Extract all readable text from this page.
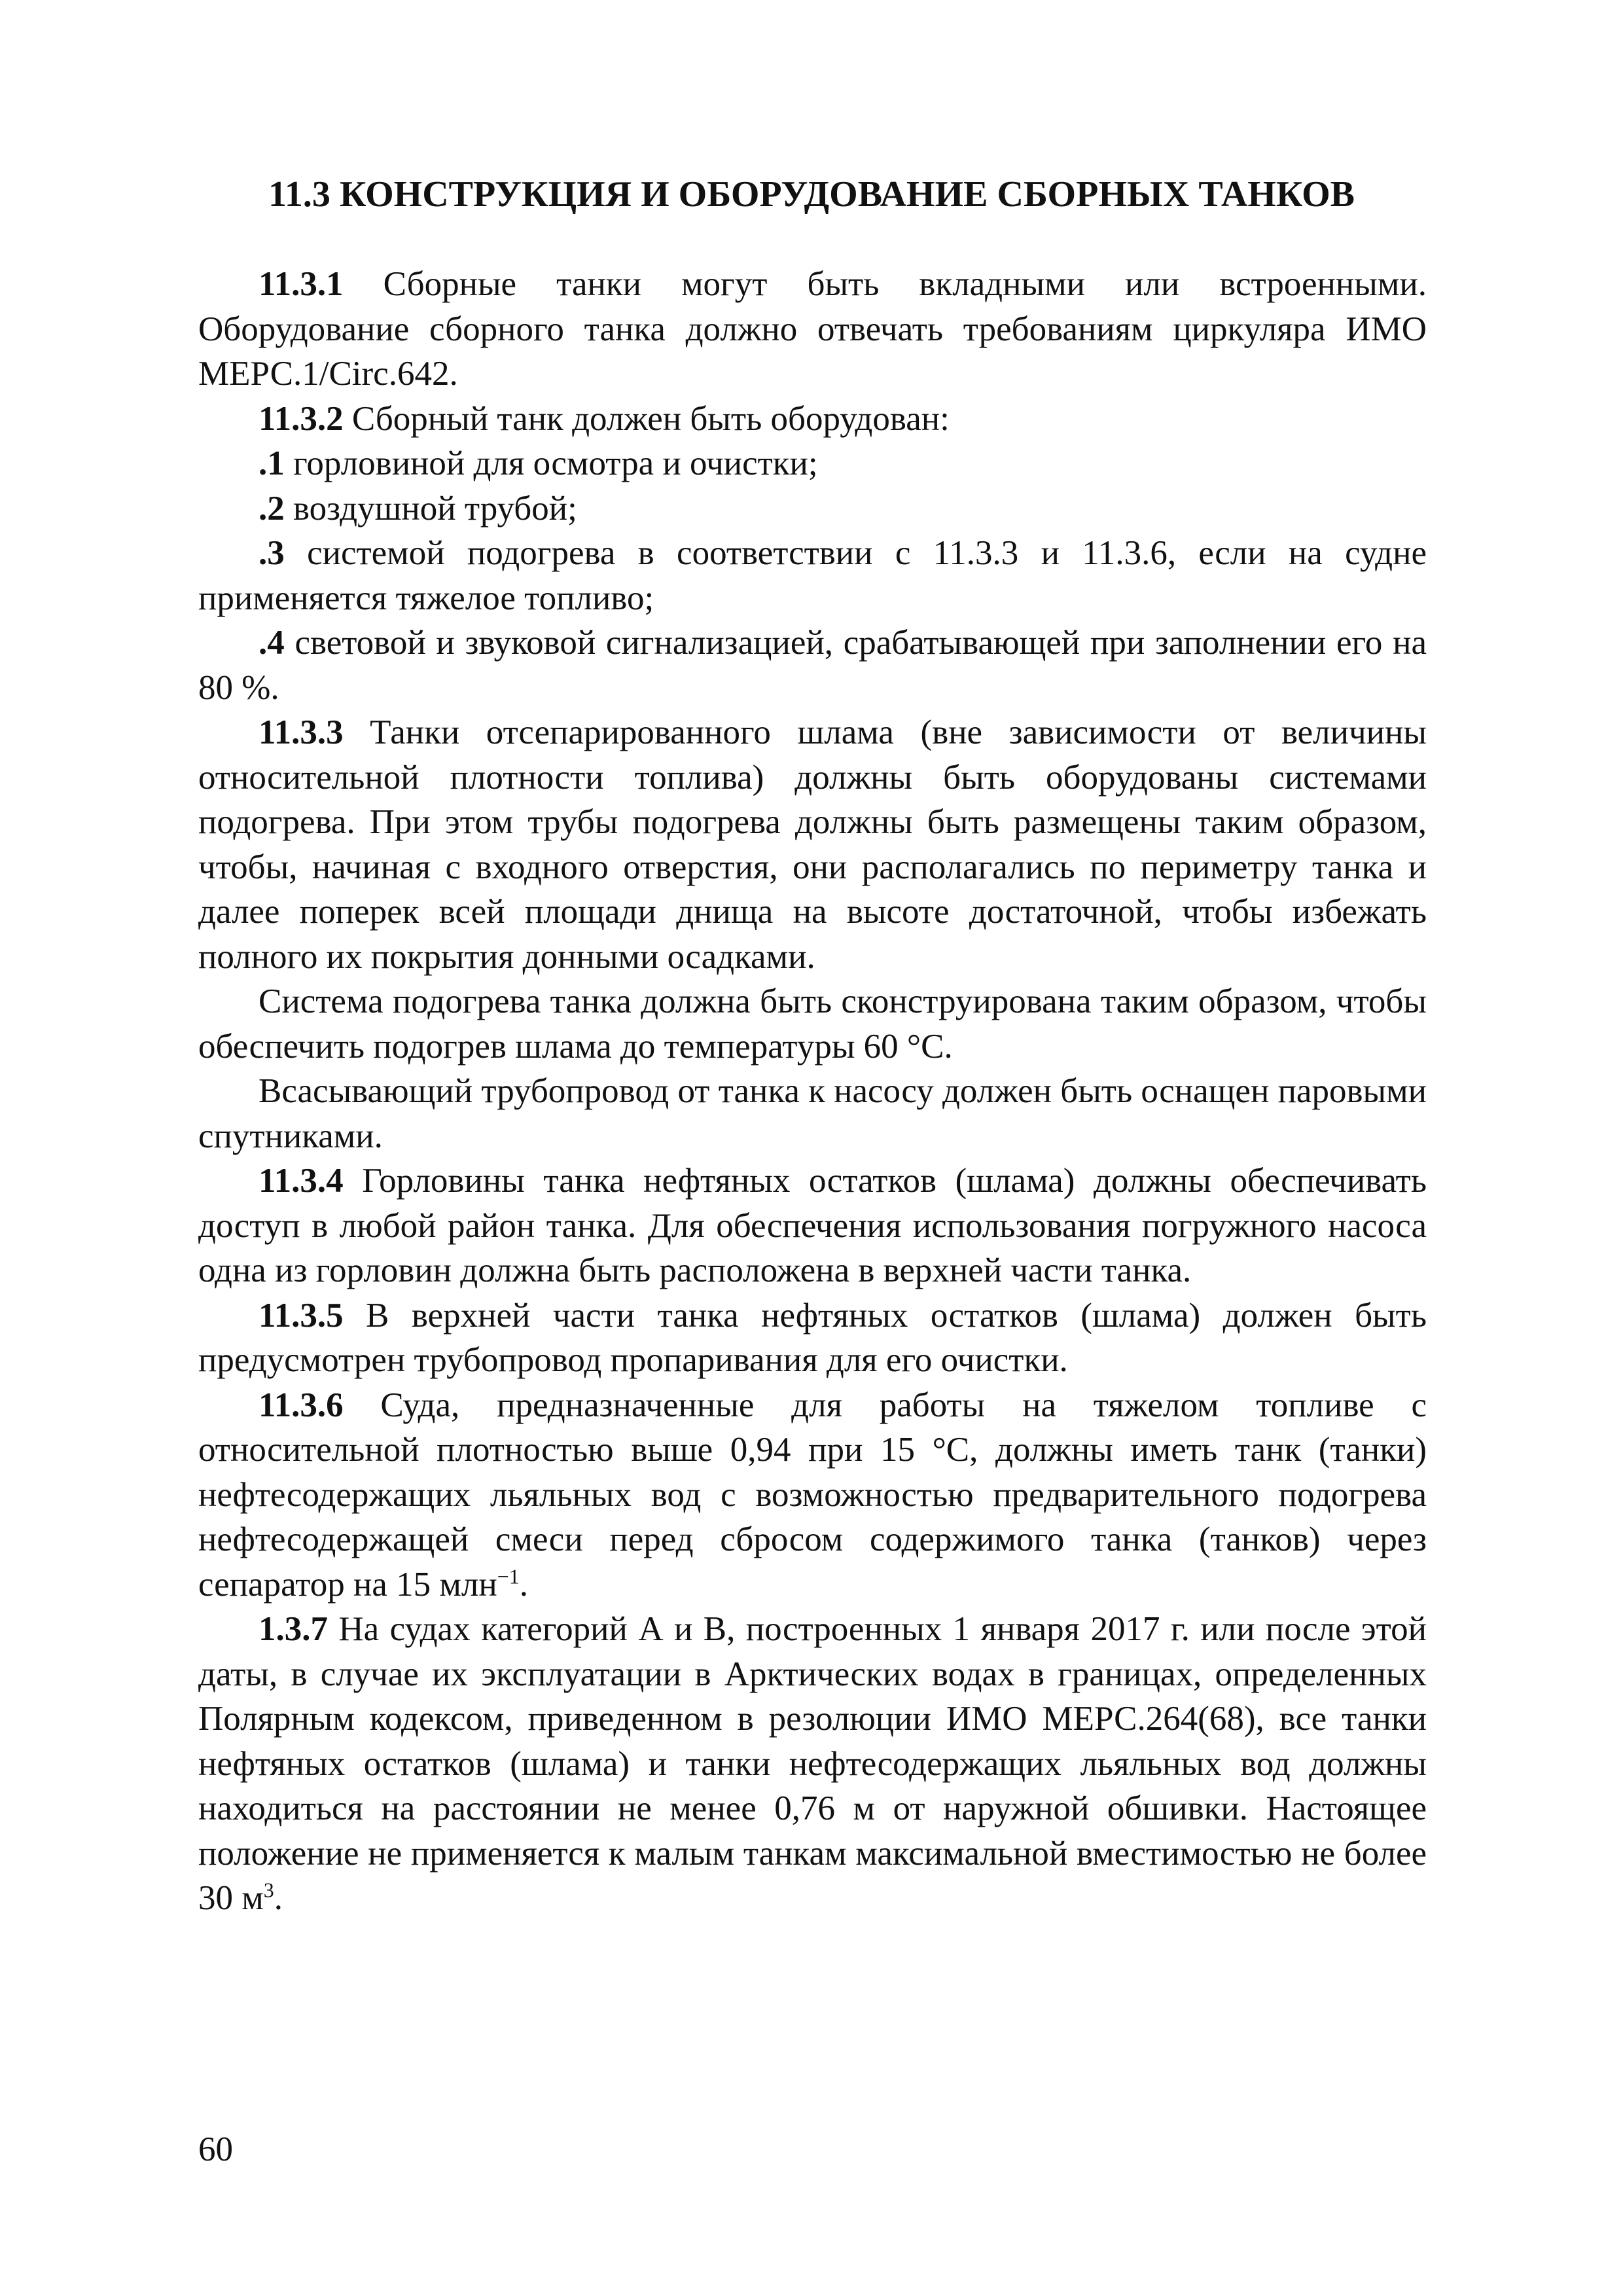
11.3 КОНСТРУКЦИЯ И ОБОРУДОВАНИЕ СБОРНЫХ ТАНКОВ

11.3.1 Сборные танки могут быть вкладными или встроенными. Оборудование сборного танка должно отвечать требованиям циркуляра ИМО МЕРС.1/Circ.642.

11.3.2 Сборный танк должен быть оборудован:

.1 горловиной для осмотра и очистки;

.2 воздушной трубой;

.3 системой подогрева в соответствии с 11.3.3 и 11.3.6, если на судне применяется тяжелое топливо;

.4 световой и звуковой сигнализацией, срабатывающей при заполнении его на 80 %.

11.3.3 Танки отсепарированного шлама (вне зависимости от величины относительной плотности топлива) должны быть оборудованы системами подогрева. При этом трубы подогрева должны быть размещены таким образом, чтобы, начиная с входного отверстия, они располагались по периметру танка и далее поперек всей площади днища на высоте достаточной, чтобы избежать полного их покрытия донными осадками.

Система подогрева танка должна быть сконструирована таким образом, чтобы обеспечить подогрев шлама до температуры 60 °С.

Всасывающий трубопровод от танка к насосу должен быть оснащен паровыми спутниками.

11.3.4 Горловины танка нефтяных остатков (шлама) должны обеспечивать доступ в любой район танка. Для обеспечения использования погружного насоса одна из горловин должна быть расположена в верхней части танка.

11.3.5 В верхней части танка нефтяных остатков (шлама) должен быть предусмотрен трубопровод пропаривания для его очистки.

11.3.6 Суда, предназначенные для работы на тяжелом топливе с относительной плотностью выше 0,94 при 15 °С, должны иметь танк (танки) нефтесодержащих льяльных вод с возможностью предварительного подогрева нефтесодержащей смеси перед сбросом содержимого танка (танков) через сепаратор на 15 млн$^{-1}$.

1.3.7 На судах категорий А и В, построенных 1 января 2017 г. или после этой даты, в случае их эксплуатации в Арктических водах в границах, определенных Полярным кодексом, приведенном в резолюции ИМО МЕРС.264(68), все танки нефтяных остатков (шлама) и танки нефтесодержащих льяльных вод должны находиться на расстоянии не менее 0,76 м от наружной обшивки. Настоящее положение не применяется к малым танкам максимальной вместимостью не более 30 $м^3$.

60
